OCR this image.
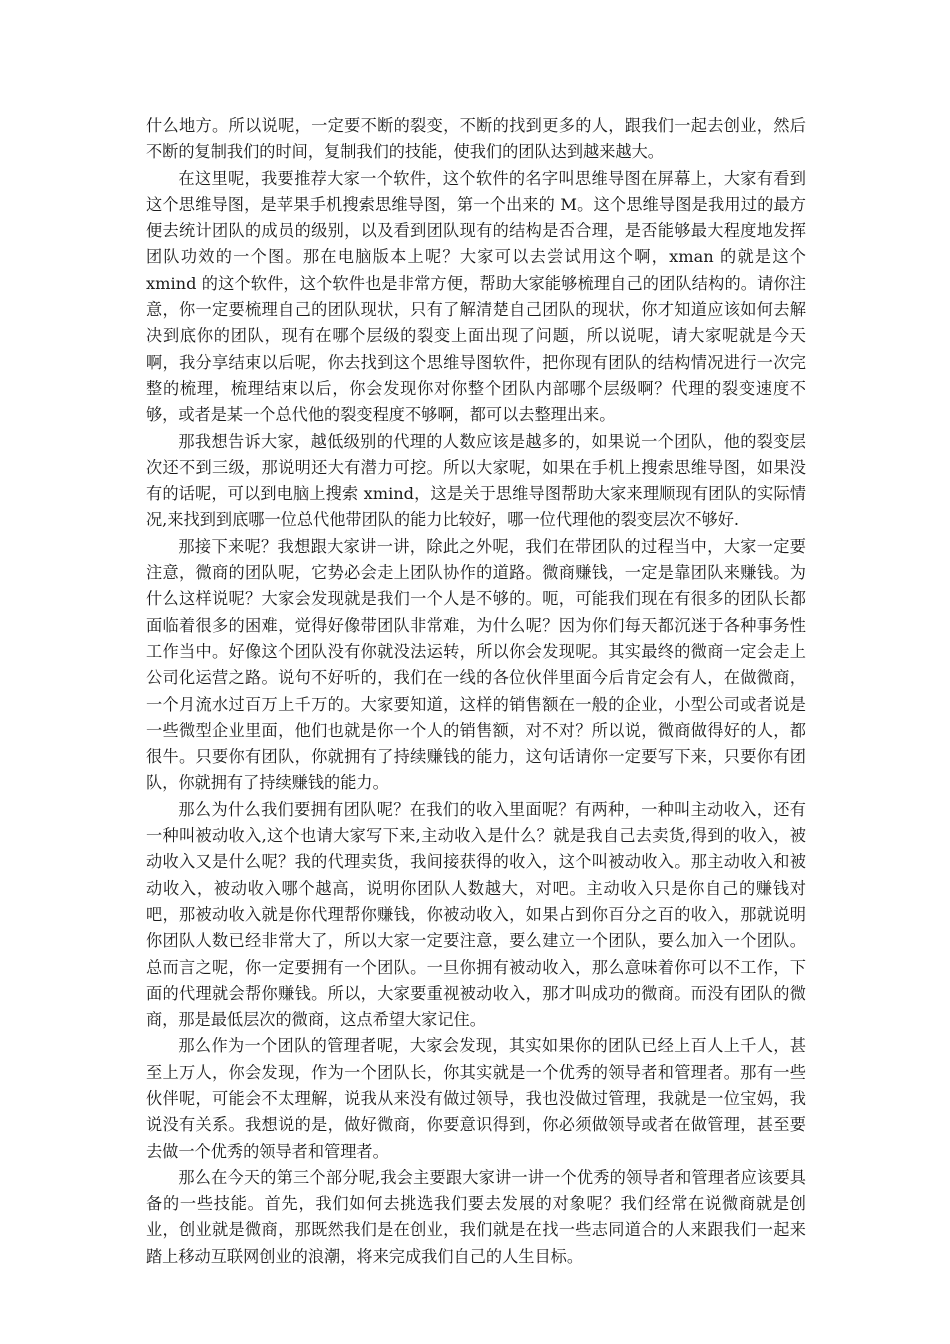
什么地方。所以说呢，一定要不断的裂变，不断的找到更多的人，跟我们一起去创业，然后不断的复制我们的时间，复制我们的技能，使我们的团队达到越来越大。

在这里呢，我要推荐大家一个软件，这个软件的名字叫思维导图在屏幕上，大家有看到这个思维导图，是苹果手机搜索思维导图，第一个出来的 M。这个思维导图是我用过的最方便去统计团队的成员的级别，以及看到团队现有的结构是否合理，是否能够最大程度地发挥团队功效的一个图。那在电脑版本上呢？大家可以去尝试用这个啊，xman 的就是这个 xmind 的这个软件，这个软件也是非常方便，帮助大家能够梳理自己的团队结构的。请你注意，你一定要梳理自己的团队现状，只有了解清楚自己团队的现状，你才知道应该如何去解决到底你的团队，现有在哪个层级的裂变上面出现了问题，所以说呢，请大家呢就是今天啊，我分享结束以后呢，你去找到这个思维导图软件，把你现有团队的结构情况进行一次完整的梳理，梳理结束以后，你会发现你对你整个团队内部哪个层级啊？代理的裂变速度不够，或者是某一个总代他的裂变程度不够啊，都可以去整理出来。

那我想告诉大家，越低级别的代理的人数应该是越多的，如果说一个团队，他的裂变层次还不到三级，那说明还大有潜力可挖。所以大家呢，如果在手机上搜索思维导图，如果没有的话呢，可以到电脑上搜索 xmind，这是关于思维导图帮助大家来理顺现有团队的实际情况,来找到到底哪一位总代他带团队的能力比较好，哪一位代理他的裂变层次不够好.

那接下来呢？我想跟大家讲一讲，除此之外呢，我们在带团队的过程当中，大家一定要注意，微商的团队呢，它势必会走上团队协作的道路。微商赚钱，一定是靠团队来赚钱。为什么这样说呢？大家会发现就是我们一个人是不够的。呃，可能我们现在有很多的团队长都面临着很多的困难，觉得好像带团队非常难，为什么呢？因为你们每天都沉迷于各种事务性工作当中。好像这个团队没有你就没法运转，所以你会发现呢。其实最终的微商一定会走上公司化运营之路。说句不好听的，我们在一线的各位伙伴里面今后肯定会有人，在做微商，一个月流水过百万上千万的。大家要知道，这样的销售额在一般的企业，小型公司或者说是一些微型企业里面，他们也就是你一个人的销售额，对不对？所以说，微商做得好的人，都很牛。只要你有团队，你就拥有了持续赚钱的能力，这句话请你一定要写下来，只要你有团队，你就拥有了持续赚钱的能力。

那么为什么我们要拥有团队呢？在我们的收入里面呢？有两种，一种叫主动收入，还有一种叫被动收入,这个也请大家写下来,主动收入是什么？就是我自己去卖货,得到的收入，被动收入又是什么呢？我的代理卖货，我间接获得的收入，这个叫被动收入。那主动收入和被动收入，被动收入哪个越高，说明你团队人数越大，对吧。主动收入只是你自己的赚钱对吧，那被动收入就是你代理帮你赚钱，你被动收入，如果占到你百分之百的收入，那就说明你团队人数已经非常大了，所以大家一定要注意，要么建立一个团队，要么加入一个团队。总而言之呢，你一定要拥有一个团队。一旦你拥有被动收入，那么意味着你可以不工作，下面的代理就会帮你赚钱。所以，大家要重视被动收入，那才叫成功的微商。而没有团队的微商，那是最低层次的微商，这点希望大家记住。

那么作为一个团队的管理者呢，大家会发现，其实如果你的团队已经上百人上千人，甚至上万人，你会发现，作为一个团队长，你其实就是一个优秀的领导者和管理者。那有一些伙伴呢，可能会不太理解，说我从来没有做过领导，我也没做过管理，我就是一位宝妈，我说没有关系。我想说的是，做好微商，你要意识得到，你必须做领导或者在做管理，甚至要去做一个优秀的领导者和管理者。

那么在今天的第三个部分呢,我会主要跟大家讲一讲一个优秀的领导者和管理者应该要具备的一些技能。首先，我们如何去挑选我们要去发展的对象呢？我们经常在说微商就是创业，创业就是微商，那既然我们是在创业，我们就是在找一些志同道合的人来跟我们一起来踏上移动互联网创业的浪潮，将来完成我们自己的人生目标。
